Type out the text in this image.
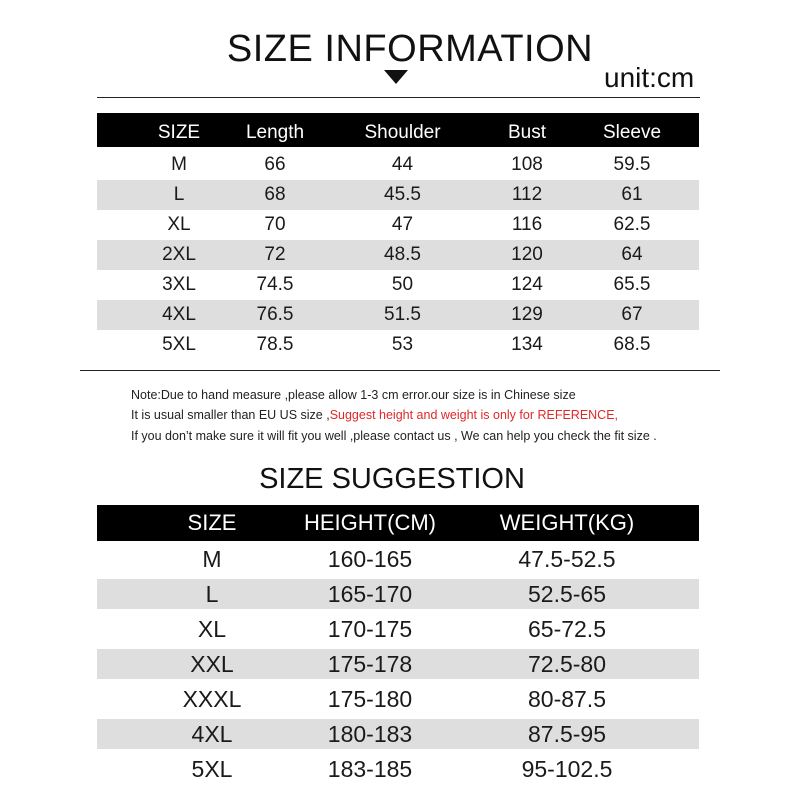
SIZE INFORMATION
unit:cm
SIZE	Length	Shoulder	Bust	Sleeve
M	66	44	108	59.5
L	68	45.5	112	61
XL	70	47	116	62.5
2XL	72	48.5	120	64
3XL	74.5	50	124	65.5
4XL	76.5	51.5	129	67
5XL	78.5	53	134	68.5
Note:Due to hand measure ,please allow 1-3 cm error.our size is in Chinese size
It is usual smaller than EU US size ,Suggest height and weight is only for REFERENCE,
If you don’t make sure it will fit you well ,please contact us , We can help you check the fit size .
SIZE SUGGESTION
SIZE	HEIGHT(CM)	WEIGHT(KG)
M	160-165	47.5-52.5
L	165-170	52.5-65
XL	170-175	65-72.5
XXL	175-178	72.5-80
XXXL	175-180	80-87.5
4XL	180-183	87.5-95
5XL	183-185	95-102.5
